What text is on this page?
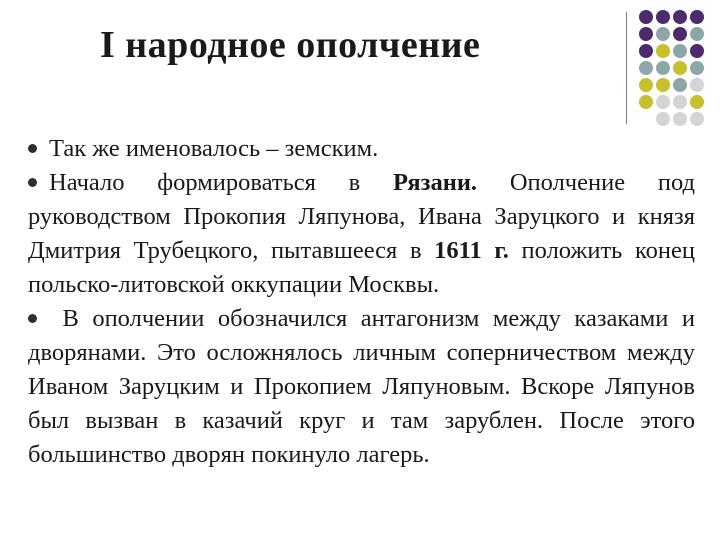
I народное ополчение

Так же именовалось – земским.

Начало формироваться в Рязани. Ополчение под руководством Прокопия Ляпунова, Ивана Заруцкого и князя Дмитрия Трубецкого, пытавшееся в 1611 г. положить конец польско-литовской оккупации Москвы.

В ополчении обозначился антагонизм между казаками и дворянами. Это осложнялось личным соперничеством между Иваном Заруцким и Прокопием Ляпуновым. Вскоре Ляпунов был вызван в казачий круг и там зарублен. После этого большинство дворян покинуло лагерь.
